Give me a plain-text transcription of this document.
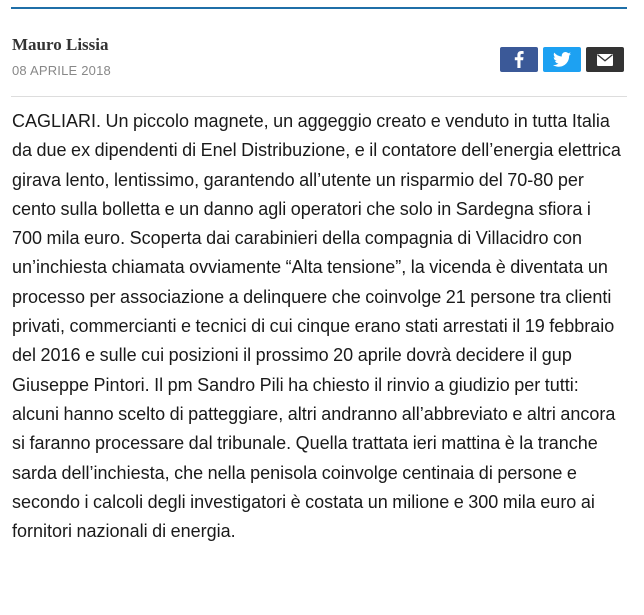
Mauro Lissia
08 APRILE 2018

CAGLIARI. Un piccolo magnete, un aggeggio creato e venduto in tutta Italia da due ex dipendenti di Enel Distribuzione, e il contatore dell’energia elettrica girava lento, lentissimo, garantendo all’utente un risparmio del 70-80 per cento sulla bolletta e un danno agli operatori che solo in Sardegna sfiora i 700 mila euro. Scoperta dai carabinieri della compagnia di Villacidro con un’inchiesta chiamata ovviamente “Alta tensione”, la vicenda è diventata un processo per associazione a delinquere che coinvolge 21 persone tra clienti privati, commercianti e tecnici di cui cinque erano stati arrestati il 19 febbraio del 2016 e sulle cui posizioni il prossimo 20 aprile dovrà decidere il gup Giuseppe Pintori. Il pm Sandro Pili ha chiesto il rinvio a giudizio per tutti: alcuni hanno scelto di patteggiare, altri andranno all’abbreviato e altri ancora si faranno processare dal tribunale. Quella trattata ieri mattina è la tranche sarda dell’inchiesta, che nella penisola coinvolge centinaia di persone e secondo i calcoli degli investigatori è costata un milione e 300 mila euro ai fornitori nazionali di energia.
